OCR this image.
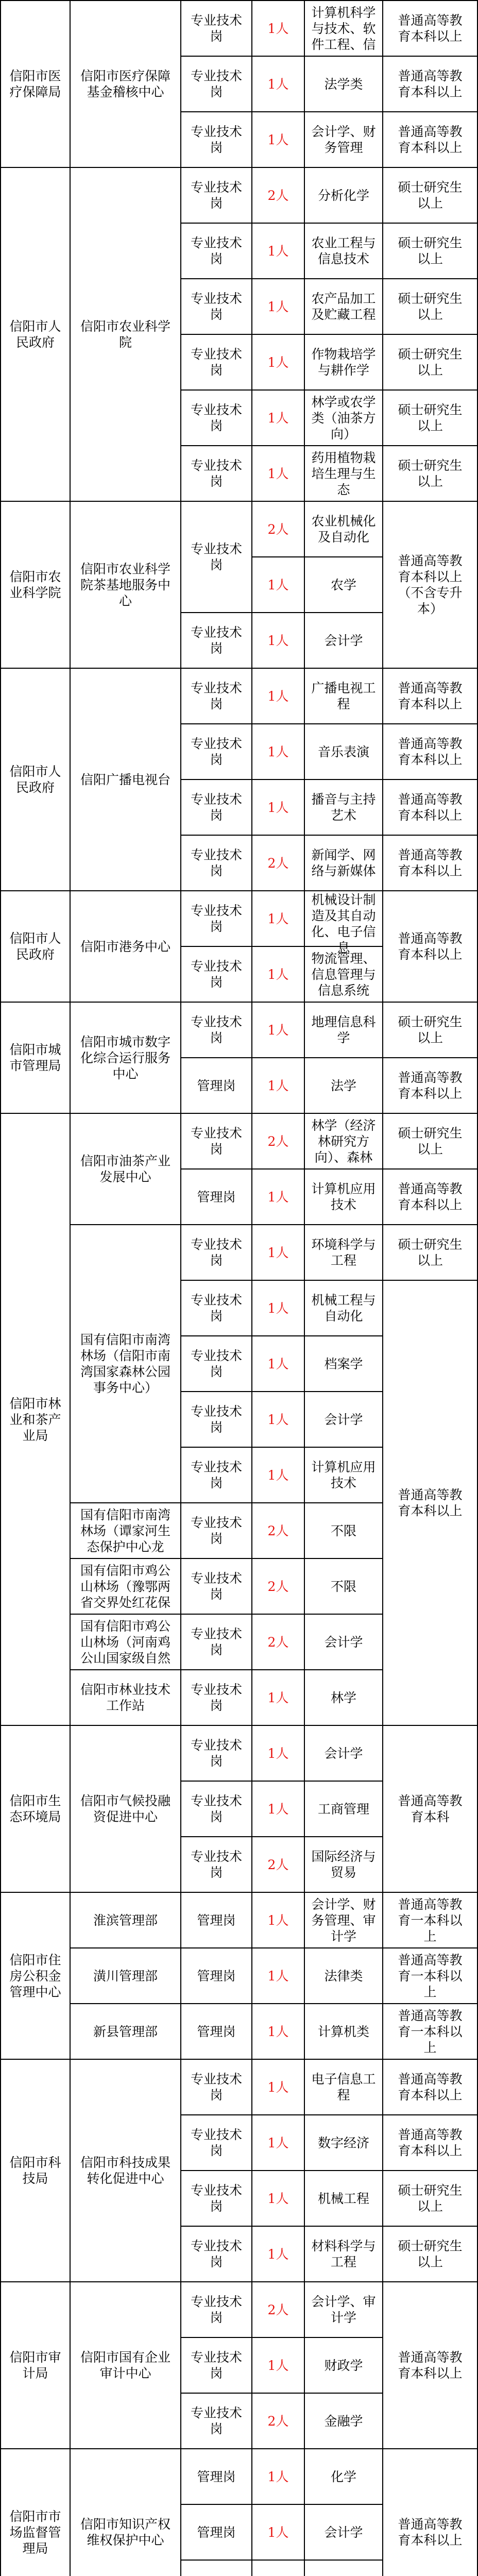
信阳市医疗保障局	信阳市医疗保障基金稽核中心	专业技术岗	1人	计算机科学与技术、软件工程、信	普通高等教育本科以上

专业技术岗	1人	法学类	普通高等教育本科以上

专业技术岗	1人	会计学、财务管理	普通高等教育本科以上

信阳市人民政府	信阳市农业科学院	专业技术岗	2人	分析化学	硕士研究生以上

专业技术岗	1人	农业工程与信息技术	硕士研究生以上

专业技术岗	1人	农产品加工及贮藏工程	硕士研究生以上

专业技术岗	1人	作物栽培学与耕作学	硕士研究生以上

专业技术岗	1人	林学或农学类（油茶方向）	硕士研究生以上

专业技术岗	1人	药用植物栽培生理与生态	硕士研究生以上

信阳市农业科学院	信阳市农业科学院茶基地服务中心	专业技术岗	2人	农业机械化及自动化	普通高等教育本科以上（不含专升本）

1人	农学	

专业技术岗	1人	会计学	

信阳市人民政府	信阳广播电视台	专业技术岗	1人	广播电视工程	普通高等教育本科以上

专业技术岗	1人	音乐表演	普通高等教育本科以上

专业技术岗	1人	播音与主持艺术	普通高等教育本科以上

专业技术岗	2人	新闻学、网络与新媒体	普通高等教育本科以上

信阳市人民政府	信阳市港务中心	专业技术岗	1人	机械设计制造及其自动化、电子信息	普通高等教育本科以上

专业技术岗	1人	物流管理、信息管理与信息系统	

信阳市城市管理局	信阳市城市数字化综合运行服务中心	专业技术岗	1人	地理信息科学	硕士研究生以上

管理岗	1人	法学	普通高等教育本科以上

信阳市林业和茶产业局	信阳市油茶产业发展中心	专业技术岗	2人	林学（经济林研究方向）、森林	硕士研究生以上

管理岗	1人	计算机应用技术	普通高等教育本科以上

国有信阳市南湾林场（信阳市南湾国家森林公园事务中心）	专业技术岗	1人	环境科学与工程	硕士研究生以上

专业技术岗	1人	机械工程与自动化	普通高等教育本科以上

专业技术岗	1人	档案学	

专业技术岗	1人	会计学	

专业技术岗	1人	计算机应用技术	

国有信阳市南湾林场（谭家河生态保护中心龙	专业技术岗	2人	不限	

国有信阳市鸡公山林场（豫鄂两省交界处红花保	专业技术岗	2人	不限	

国有信阳市鸡公山林场（河南鸡公山国家级自然	专业技术岗	2人	会计学	

信阳市林业技术工作站	专业技术岗	1人	林学	

信阳市生态环境局	信阳市气候投融资促进中心	专业技术岗	1人	会计学	普通高等教育本科

专业技术岗	1人	工商管理	

专业技术岗	2人	国际经济与贸易	

信阳市住房公积金管理中心	淮滨管理部	管理岗	1人	会计学、财务管理、审计学	普通高等教育一本科以上

潢川管理部	管理岗	1人	法律类	普通高等教育一本科以上

新县管理部	管理岗	1人	计算机类	普通高等教育一本科以上

信阳市科技局	信阳市科技成果转化促进中心	专业技术岗	1人	电子信息工程	普通高等教育本科以上

专业技术岗	1人	数字经济	普通高等教育本科以上

专业技术岗	1人	机械工程	硕士研究生以上

专业技术岗	1人	材料科学与工程	硕士研究生以上

信阳市审计局	信阳市国有企业审计中心	专业技术岗	2人	会计学、审计学	普通高等教育本科以上

专业技术岗	1人	财政学	

专业技术岗	2人	金融学	

信阳市市场监督管理局	信阳市知识产权维权保护中心	管理岗	1人	化学	普通高等教育本科以上

管理岗	1人	会计学	
